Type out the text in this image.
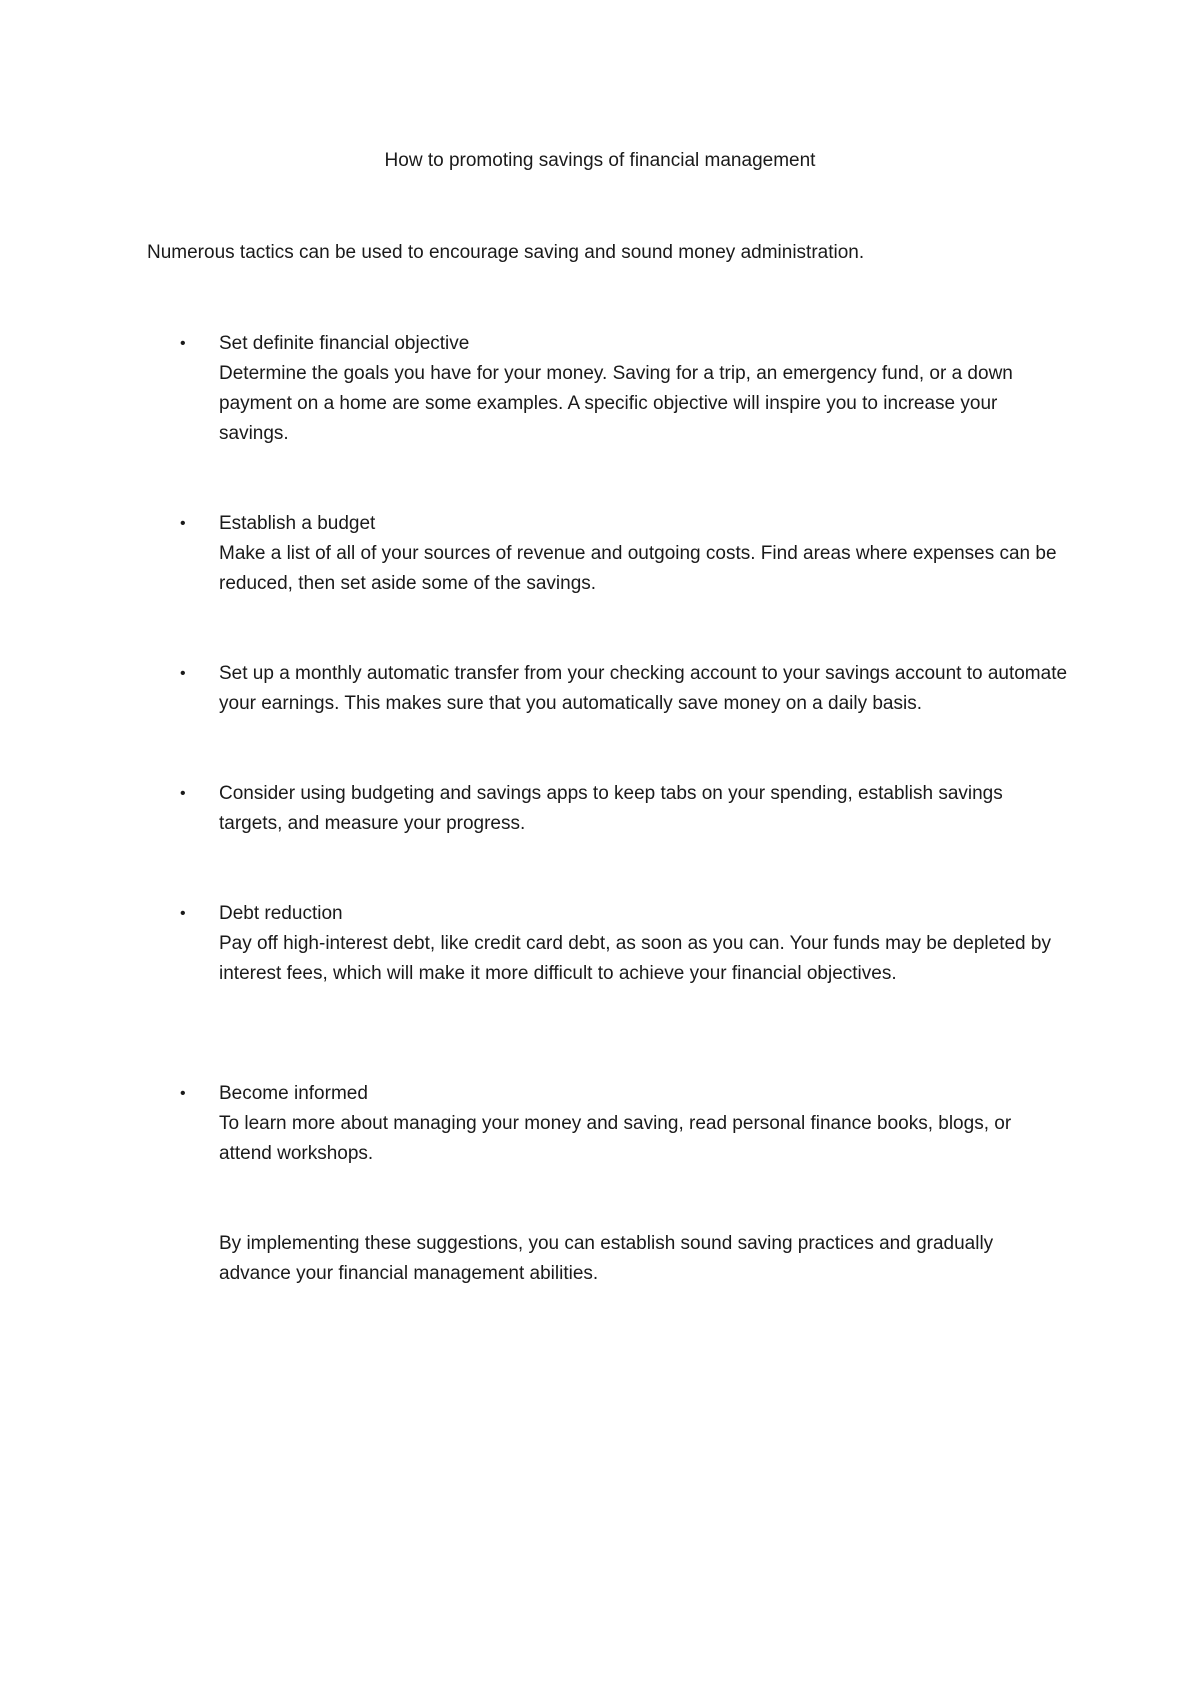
How to promoting savings of financial management
Numerous tactics can be used to encourage saving and sound money administration.
• Set definite financial objective
Determine the goals you have for your money. Saving for a trip, an emergency fund, or a down payment on a home are some examples. A specific objective will inspire you to increase your savings.
• Establish a budget
Make a list of all of your sources of revenue and outgoing costs. Find areas where expenses can be reduced, then set aside some of the savings.
• Set up a monthly automatic transfer from your checking account to your savings account to automate your earnings. This makes sure that you automatically save money on a daily basis.
• Consider using budgeting and savings apps to keep tabs on your spending, establish savings targets, and measure your progress.
• Debt reduction
Pay off high-interest debt, like credit card debt, as soon as you can. Your funds may be depleted by interest fees, which will make it more difficult to achieve your financial objectives.
• Become informed
To learn more about managing your money and saving, read personal finance books, blogs, or attend workshops.
By implementing these suggestions, you can establish sound saving practices and gradually advance your financial management abilities.
